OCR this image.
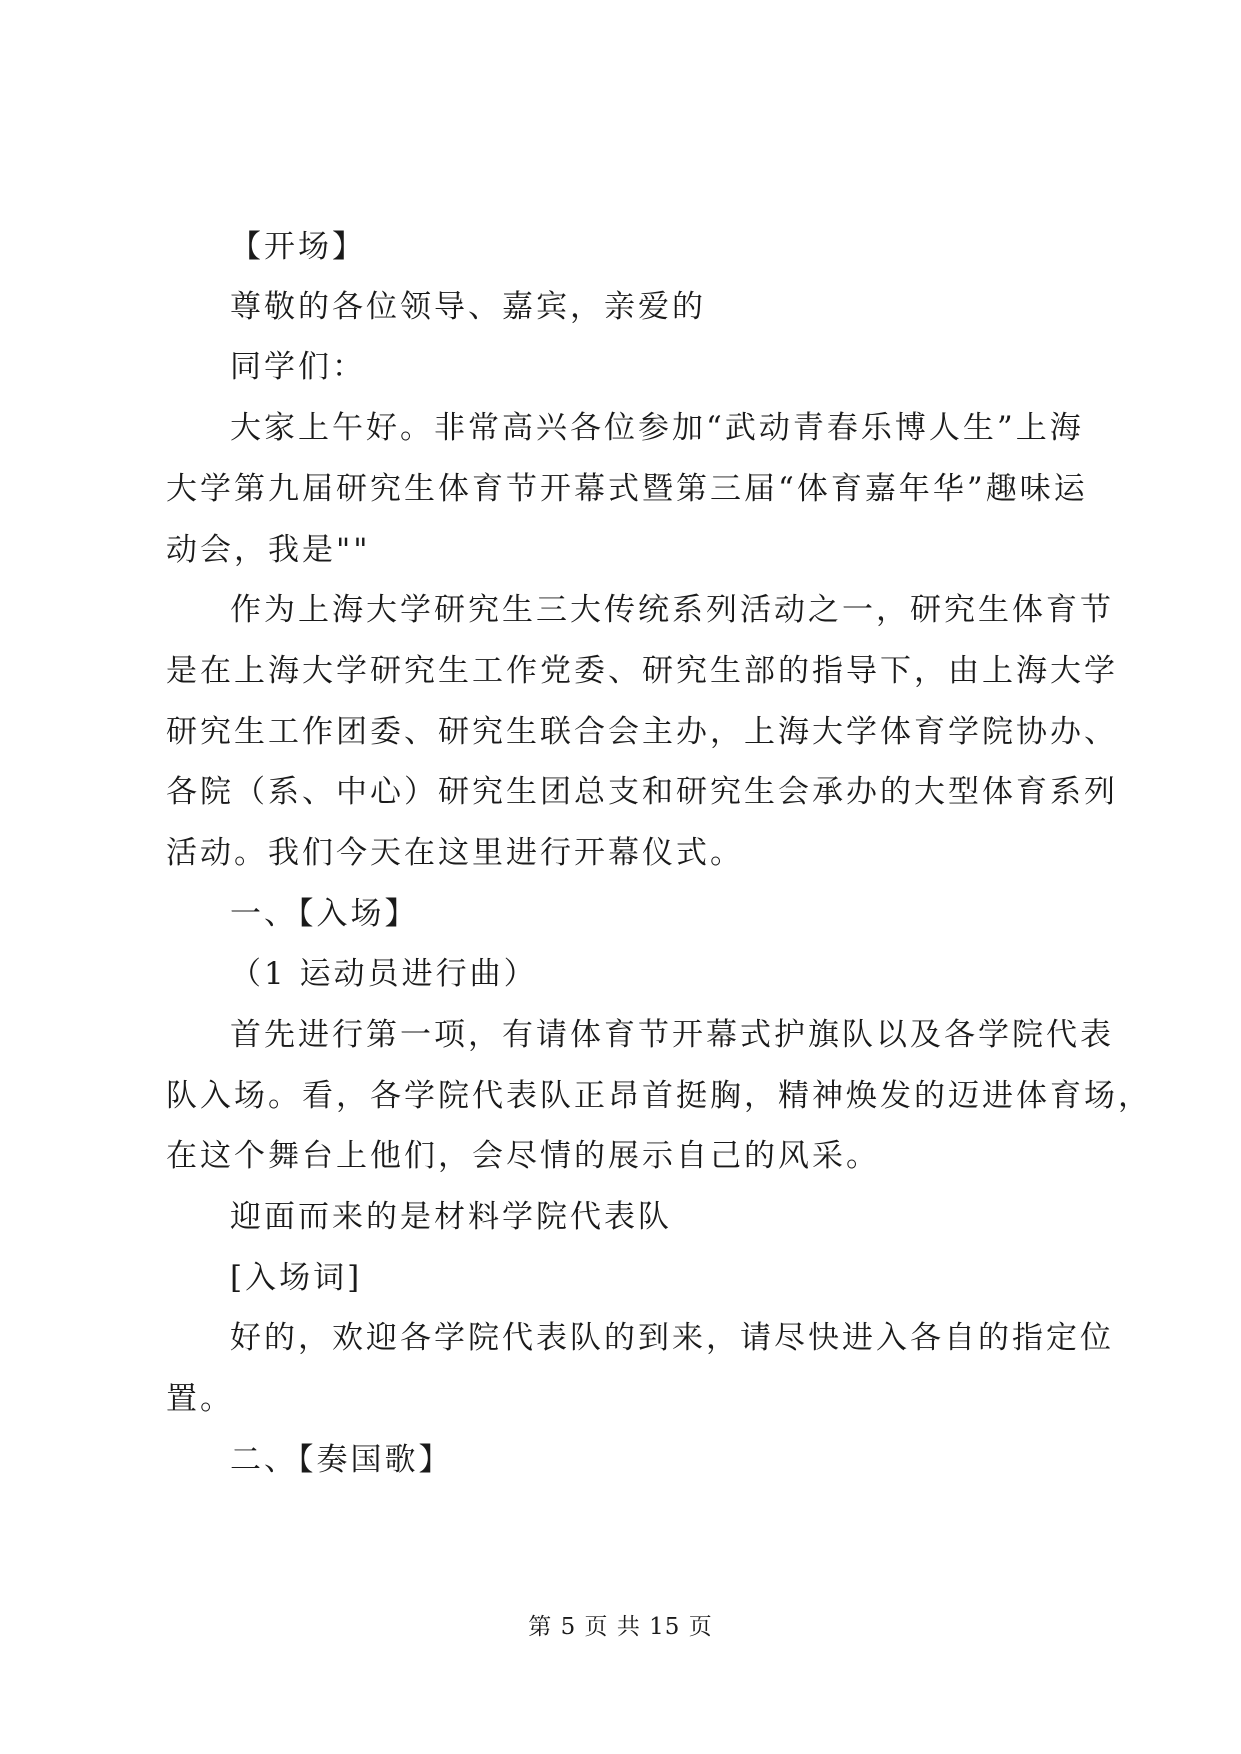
【开场】
尊敬的各位领导、嘉宾，亲爱的
同学们：
大家上午好。非常高兴各位参加“武动青春乐博人生”上海
大学第九届研究生体育节开幕式暨第三届“体育嘉年华”趣味运
动会，我是""
作为上海大学研究生三大传统系列活动之一，研究生体育节
是在上海大学研究生工作党委、研究生部的指导下，由上海大学
研究生工作团委、研究生联合会主办，上海大学体育学院协办、
各院（系、中心）研究生团总支和研究生会承办的大型体育系列
活动。我们今天在这里进行开幕仪式。
一、【入场】
（1 运动员进行曲）
首先进行第一项，有请体育节开幕式护旗队以及各学院代表
队入场。看，各学院代表队正昂首挺胸，精神焕发的迈进体育场，
在这个舞台上他们，会尽情的展示自己的风采。
迎面而来的是材料学院代表队
[入场词]
好的，欢迎各学院代表队的到来，请尽快进入各自的指定位
置。
二、【奏国歌】
第 5 页 共 15 页
